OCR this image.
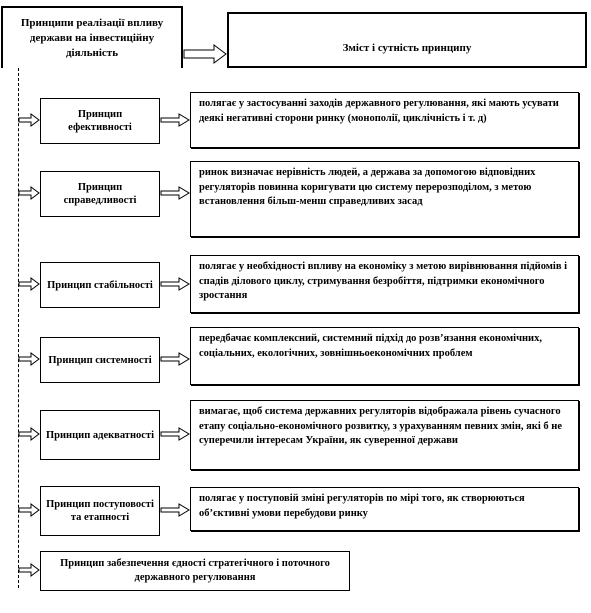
Принципи реалізації впливу держави на інвестиційну діяльність	Зміст і сутність принципу
Принцип ефективності
полягає у застосуванні заходів державного регулювання, які мають усувати деякі негативні сторони ринку (монополії, циклічність і т. д)
Принцип справедливості
ринок визначає нерівність людей, а держава за допомогою відповідних регуляторів повинна коригувати цю систему перерозподілом, з метою встановлення більш-менш справедливих засад
Принцип стабільності
полягає у необхідності впливу на економіку з метою вирівнювання підйомів і спадів ділового циклу, стримування безробіття, підтримки економічного зростання
Принцип системності
передбачає комплексний, системний підхід до розв’язання економічних, соціальних, екологічних, зовнішньоекономічних проблем
Принцип адекватності
вимагає, щоб система державних регуляторів відображала рівень сучасного етапу соціально-економічного розвитку, з урахуванням певних змін, які б не суперечили інтересам України, як суверенної держави
Принцип поступовості та етапності
полягає у поступовій зміні регуляторів по мірі того, як створюються об’єктивні умови перебудови ринку
Принцип забезпечення єдності стратегічного і поточного державного регулювання
